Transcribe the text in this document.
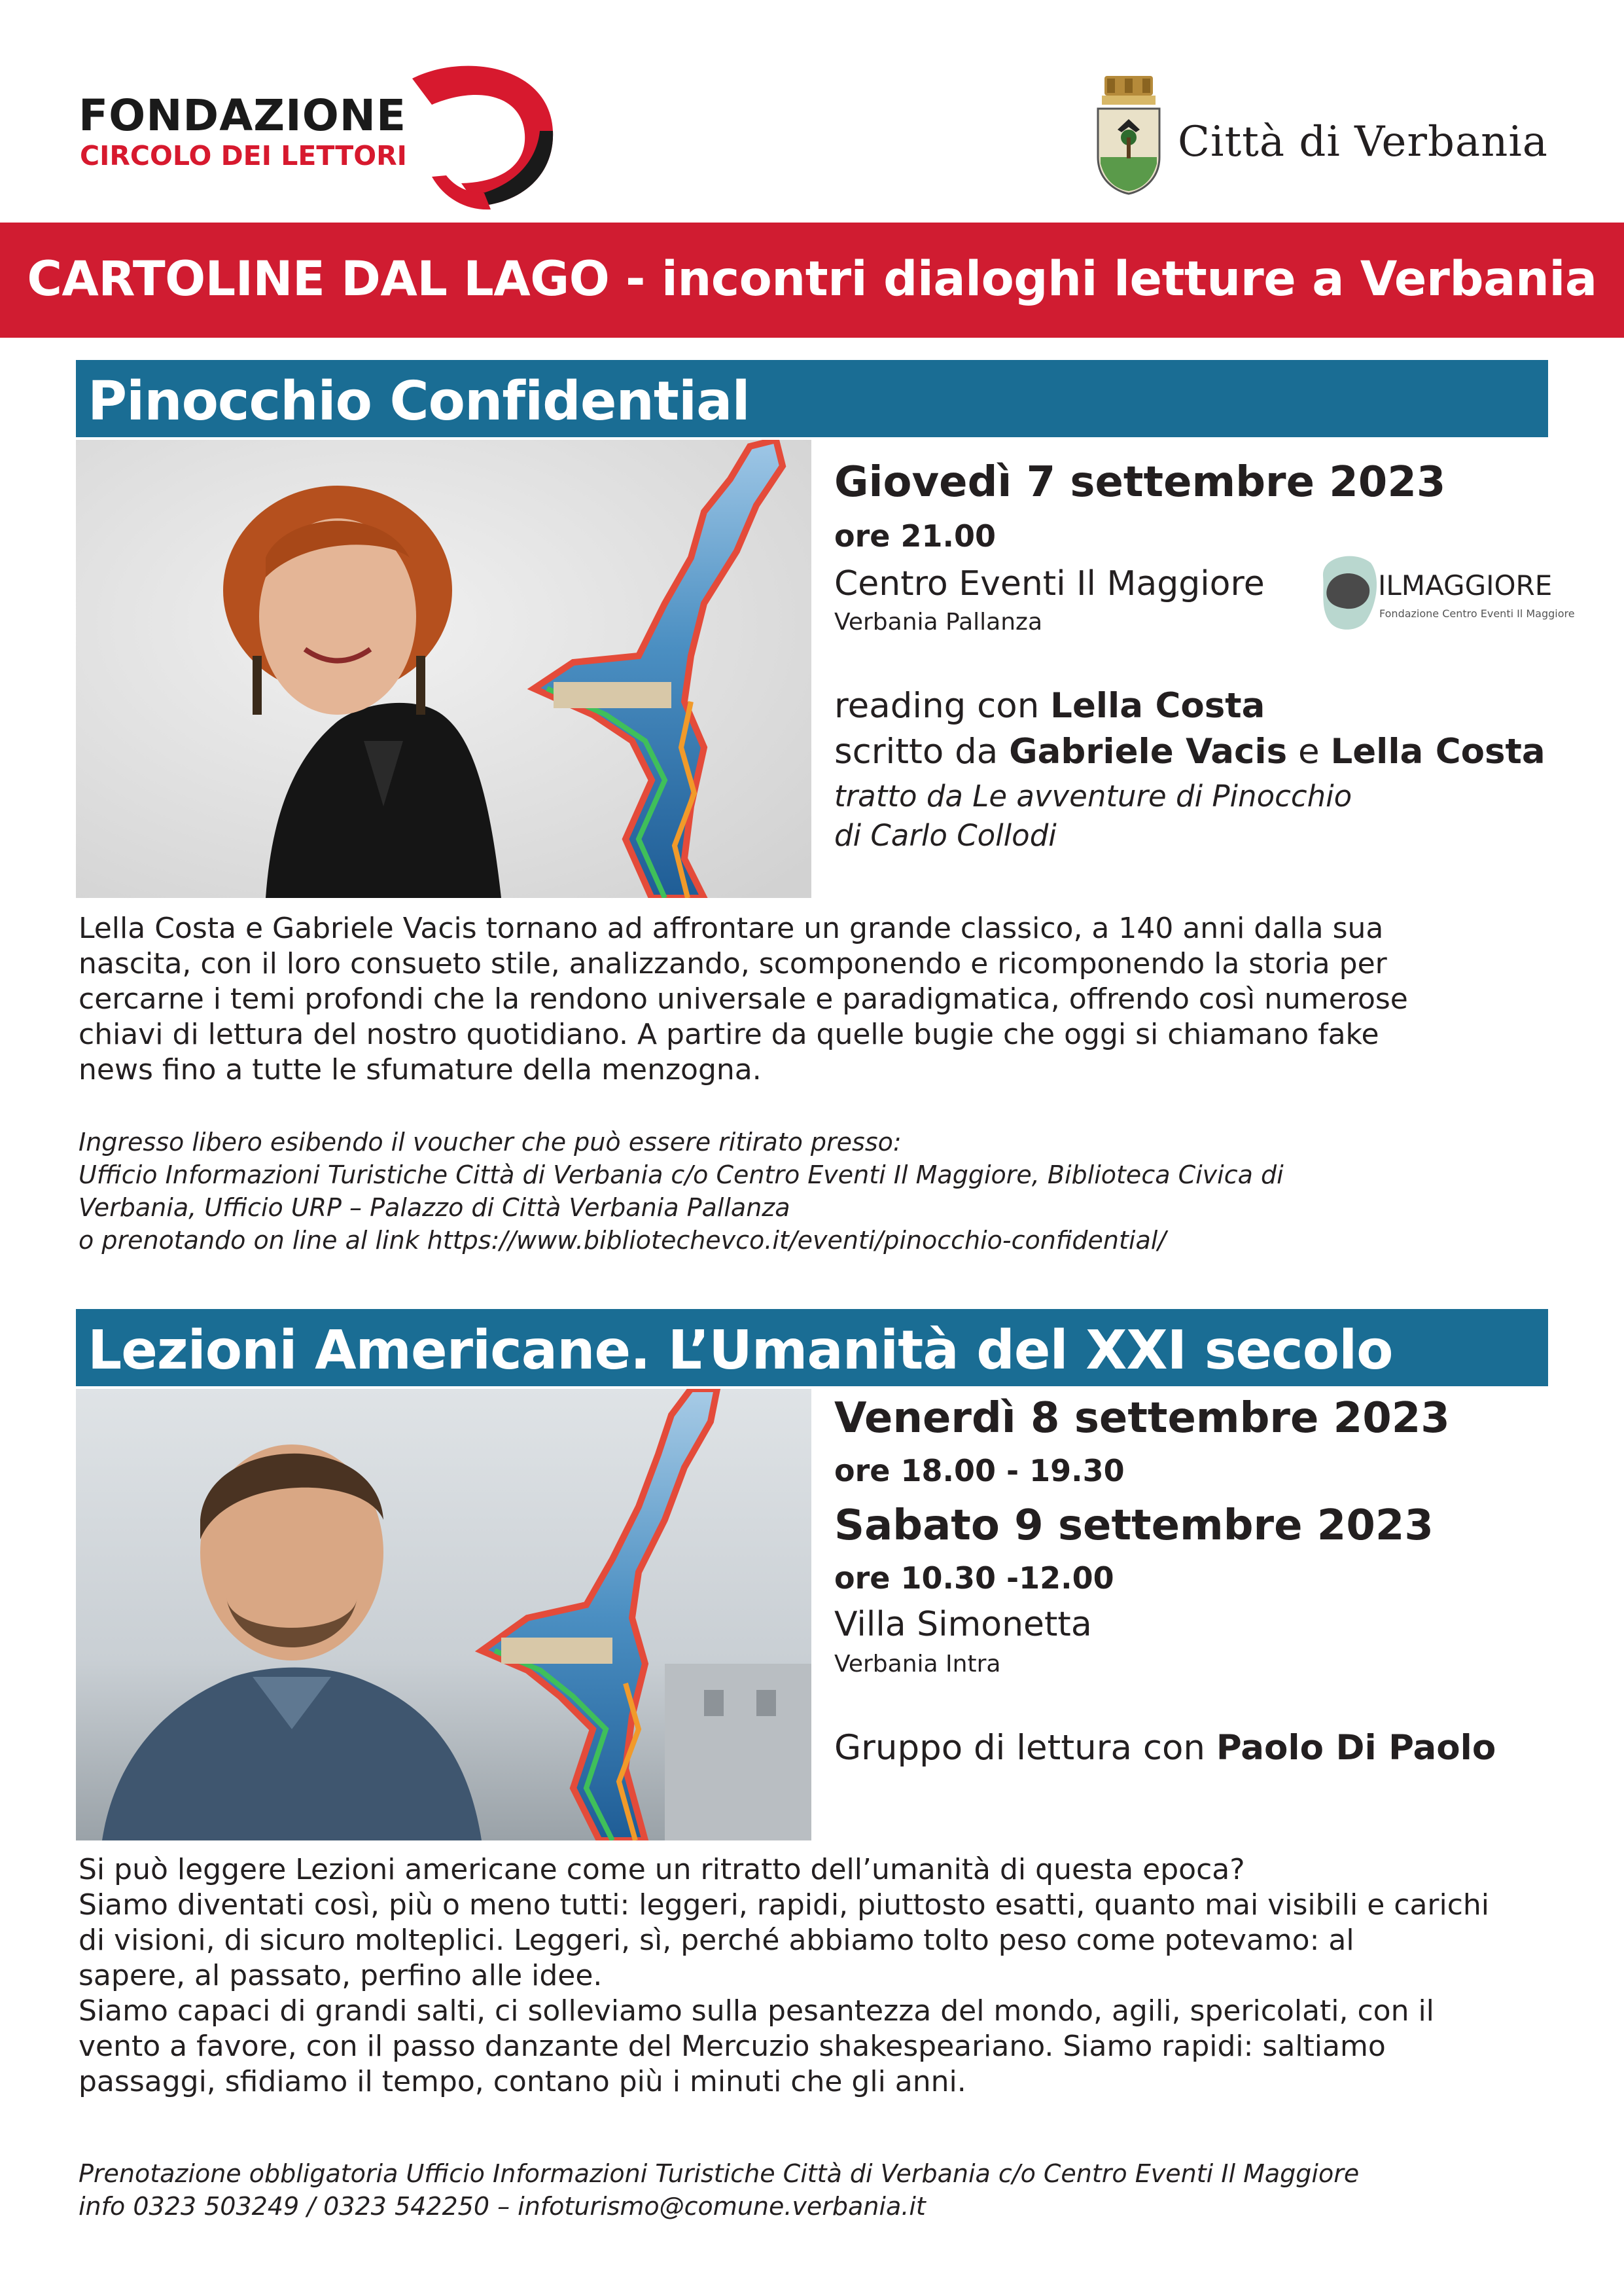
FONDAZIONE
CIRCOLO DEI LETTORI	Città di Verbania
CARTOLINE DAL LAGO - incontri dialoghi letture a Verbania
Pinocchio Confidential
Giovedì 7 settembre 2023
ore 21.00
Centro Eventi Il Maggiore
Verbania Pallanza
ILMAGGIORE
Fondazione Centro Eventi Il Maggiore
reading con Lella Costa
scritto da Gabriele Vacis e Lella Costa
tratto da Le avventure di Pinocchio
di Carlo Collodi
Lella Costa e Gabriele Vacis tornano ad affrontare un grande classico, a 140 anni dalla sua
nascita, con il loro consueto stile, analizzando, scomponendo e ricomponendo la storia per
cercarne i temi profondi che la rendono universale e paradigmatica, offrendo così numerose
chiavi di lettura del nostro quotidiano. A partire da quelle bugie che oggi si chiamano fake
news fino a tutte le sfumature della menzogna.
Ingresso libero esibendo il voucher che può essere ritirato presso:
Ufficio Informazioni Turistiche Città di Verbania c/o Centro Eventi Il Maggiore, Biblioteca Civica di
Verbania, Ufficio URP – Palazzo di Città Verbania Pallanza
o prenotando on line al link https://www.bibliotechevco.it/eventi/pinocchio-confidential/
Lezioni Americane. L’Umanità del XXI secolo
Venerdì 8 settembre 2023
ore 18.00 - 19.30
Sabato 9 settembre 2023
ore 10.30 -12.00
Villa Simonetta
Verbania Intra
Gruppo di lettura con Paolo Di Paolo
Si può leggere Lezioni americane come un ritratto dell’umanità di questa epoca?
Siamo diventati così, più o meno tutti: leggeri, rapidi, piuttosto esatti, quanto mai visibili e carichi
di visioni, di sicuro molteplici. Leggeri, sì, perché abbiamo tolto peso come potevamo: al
sapere, al passato, perfino alle idee.
Siamo capaci di grandi salti, ci solleviamo sulla pesantezza del mondo, agili, spericolati, con il
vento a favore, con il passo danzante del Mercuzio shakespeariano. Siamo rapidi: saltiamo
passaggi, sfidiamo il tempo, contano più i minuti che gli anni.
Prenotazione obbligatoria Ufficio Informazioni Turistiche Città di Verbania c/o Centro Eventi Il Maggiore
info 0323 503249 / 0323 542250 – infoturismo@comune.verbania.it
